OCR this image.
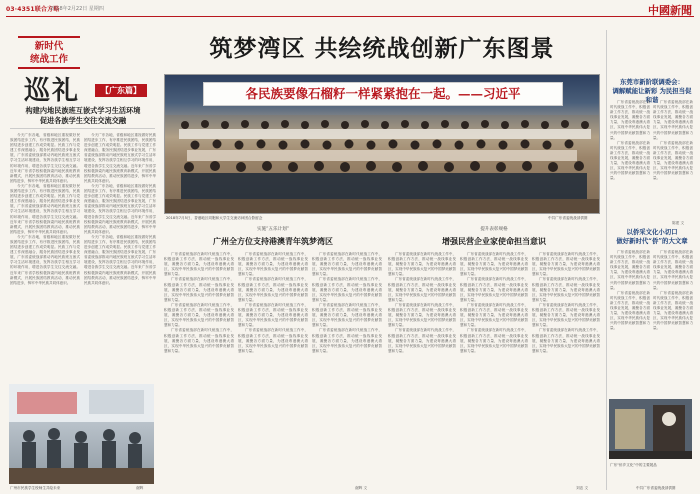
03·4351联合方略
2018年2月22日 星期四	中國新聞
新时代
统战工作
巡礼	【广东篇】
构建内地民族班互嵌式学习生活环境
促进各族学生交往交流交融

今天广东各地，省级和地区重视做好民族团结进步工作，有序推进民族团结，民族团结进步创建工作成效明显。民族工作与党建工作深度融合，服务民族团结进步事业发展，广东省委统战部推动内地民族班互嵌式学习生活环境建设，发挥各族学生相互学习的环境作用，增进各族学生交往交流交融。近年来广东省学校积极探索内地民族班教育新模式，开展民族团结教育活动，推动民族团结进步，铸牢中华民族共同体意识。

今天广东各地，省级和地区重视做好民族团结进步工作，有序推进民族团结，民族团结进步创建工作成效明显。民族工作与党建工作深度融合，服务民族团结进步事业发展，广东省委统战部推动内地民族班互嵌式学习生活环境建设，发挥各族学生相互学习的环境作用，增进各族学生交往交流交融。近年来广东省学校积极探索内地民族班教育新模式，开展民族团结教育活动，推动民族团结进步，铸牢中华民族共同体意识。

今天广东各地，省级和地区重视做好民族团结进步工作，有序推进民族团结，民族团结进步创建工作成效明显。民族工作与党建工作深度融合，服务民族团结进步事业发展，广东省委统战部推动内地民族班互嵌式学习生活环境建设，发挥各族学生相互学习的环境作用，增进各族学生交往交流交融。近年来广东省学校积极探索内地民族班教育新模式，开展民族团结教育活动，推动民族团结进步，铸牢中华民族共同体意识。

今天广东各地，省级和地区重视做好民族团结进步工作，有序推进民族团结，民族团结进步创建工作成效明显。民族工作与党建工作深度融合，服务民族团结进步事业发展，广东省委统战部推动内地民族班互嵌式学习生活环境建设，发挥各族学生相互学习的环境作用，增进各族学生交往交流交融。近年来广东省学校积极探索内地民族班教育新模式，开展民族团结教育活动，推动民族团结进步，铸牢中华民族共同体意识。

今天广东各地，省级和地区重视做好民族团结进步工作，有序推进民族团结，民族团结进步创建工作成效明显。民族工作与党建工作深度融合，服务民族团结进步事业发展，广东省委统战部推动内地民族班互嵌式学习生活环境建设，发挥各族学生相互学习的环境作用，增进各族学生交往交流交融。近年来广东省学校积极探索内地民族班教育新模式，开展民族团结教育活动，推动民族团结进步，铸牢中华民族共同体意识。

今天广东各地，省级和地区重视做好民族团结进步工作，有序推进民族团结，民族团结进步创建工作成效明显。民族工作与党建工作深度融合，服务民族团结进步事业发展，广东省委统战部推动内地民族班互嵌式学习生活环境建设，发挥各族学生相互学习的环境作用，增进各族学生交往交流交融。近年来广东省学校积极探索内地民族班教育新模式，开展民族团结教育活动，推动民族团结进步，铸牢中华民族共同体意识。

广州市民族学生校师生共绘未来	谢辉
筑梦湾区 共绘统战创新广东图景
各民族要像石榴籽一样紧紧抱在一起。——习近平
2018年7月5日，香港地区同胞和大学生交流访问团合影留念	中共广东省委统战部供图
实施“五乐计划”
广州全方位支持港澳青年筑梦湾区

广东省委统战部在新时代统战工作中，积极创新工作方法，推动统一战线事业发展，凝聚各方面力量，为建设粤港澳大湾区，实现中华民族伟大复兴的中国梦贡献智慧和力量。

广东省委统战部在新时代统战工作中，积极创新工作方法，推动统一战线事业发展，凝聚各方面力量，为建设粤港澳大湾区，实现中华民族伟大复兴的中国梦贡献智慧和力量。

广东省委统战部在新时代统战工作中，积极创新工作方法，推动统一战线事业发展，凝聚各方面力量，为建设粤港澳大湾区，实现中华民族伟大复兴的中国梦贡献智慧和力量。

广东省委统战部在新时代统战工作中，积极创新工作方法，推动统一战线事业发展，凝聚各方面力量，为建设粤港澳大湾区，实现中华民族伟大复兴的中国梦贡献智慧和力量。

广东省委统战部在新时代统战工作中，积极创新工作方法，推动统一战线事业发展，凝聚各方面力量，为建设粤港澳大湾区，实现中华民族伟大复兴的中国梦贡献智慧和力量。

广东省委统战部在新时代统战工作中，积极创新工作方法，推动统一战线事业发展，凝聚各方面力量，为建设粤港澳大湾区，实现中华民族伟大复兴的中国梦贡献智慧和力量。

广东省委统战部在新时代统战工作中，积极创新工作方法，推动统一战线事业发展，凝聚各方面力量，为建设粤港澳大湾区，实现中华民族伟大复兴的中国梦贡献智慧和力量。

广东省委统战部在新时代统战工作中，积极创新工作方法，推动统一战线事业发展，凝聚各方面力量，为建设粤港澳大湾区，实现中华民族伟大复兴的中国梦贡献智慧和力量。

广东省委统战部在新时代统战工作中，积极创新工作方法，推动统一战线事业发展，凝聚各方面力量，为建设粤港澳大湾区，实现中华民族伟大复兴的中国梦贡献智慧和力量。

广东省委统战部在新时代统战工作中，积极创新工作方法，推动统一战线事业发展，凝聚各方面力量，为建设粤港澳大湾区，实现中华民族伟大复兴的中国梦贡献智慧和力量。

广东省委统战部在新时代统战工作中，积极创新工作方法，推动统一战线事业发展，凝聚各方面力量，为建设粤港澳大湾区，实现中华民族伟大复兴的中国梦贡献智慧和力量。

广东省委统战部在新时代统战工作中，积极创新工作方法，推动统一战线事业发展，凝聚各方面力量，为建设粤港澳大湾区，实现中华民族伟大复兴的中国梦贡献智慧和力量。

谢辉 文
提升表彰规格
增强民营企业家使命担当意识

广东省委统战部在新时代统战工作中，积极创新工作方法，推动统一战线事业发展，凝聚各方面力量，为建设粤港澳大湾区，实现中华民族伟大复兴的中国梦贡献智慧和力量。

广东省委统战部在新时代统战工作中，积极创新工作方法，推动统一战线事业发展，凝聚各方面力量，为建设粤港澳大湾区，实现中华民族伟大复兴的中国梦贡献智慧和力量。

广东省委统战部在新时代统战工作中，积极创新工作方法，推动统一战线事业发展，凝聚各方面力量，为建设粤港澳大湾区，实现中华民族伟大复兴的中国梦贡献智慧和力量。

广东省委统战部在新时代统战工作中，积极创新工作方法，推动统一战线事业发展，凝聚各方面力量，为建设粤港澳大湾区，实现中华民族伟大复兴的中国梦贡献智慧和力量。

广东省委统战部在新时代统战工作中，积极创新工作方法，推动统一战线事业发展，凝聚各方面力量，为建设粤港澳大湾区，实现中华民族伟大复兴的中国梦贡献智慧和力量。

广东省委统战部在新时代统战工作中，积极创新工作方法，推动统一战线事业发展，凝聚各方面力量，为建设粤港澳大湾区，实现中华民族伟大复兴的中国梦贡献智慧和力量。

广东省委统战部在新时代统战工作中，积极创新工作方法，推动统一战线事业发展，凝聚各方面力量，为建设粤港澳大湾区，实现中华民族伟大复兴的中国梦贡献智慧和力量。

广东省委统战部在新时代统战工作中，积极创新工作方法，推动统一战线事业发展，凝聚各方面力量，为建设粤港澳大湾区，实现中华民族伟大复兴的中国梦贡献智慧和力量。

广东省委统战部在新时代统战工作中，积极创新工作方法，推动统一战线事业发展，凝聚各方面力量，为建设粤港澳大湾区，实现中华民族伟大复兴的中国梦贡献智慧和力量。

广东省委统战部在新时代统战工作中，积极创新工作方法，推动统一战线事业发展，凝聚各方面力量，为建设粤港澳大湾区，实现中华民族伟大复兴的中国梦贡献智慧和力量。

广东省委统战部在新时代统战工作中，积极创新工作方法，推动统一战线事业发展，凝聚各方面力量，为建设粤港澳大湾区，实现中华民族伟大复兴的中国梦贡献智慧和力量。

广东省委统战部在新时代统战工作中，积极创新工作方法，推动统一战线事业发展，凝聚各方面力量，为建设粤港澳大湾区，实现中华民族伟大复兴的中国梦贡献智慧和力量。

刘忠 文
东莞市新阶联调委会：
调解赋能让新彩 为民担当促和谐

广东省委统战部在新时代统战工作中，积极创新工作方法，推动统一战线事业发展，凝聚各方面力量，为建设粤港澳大湾区，实现中华民族伟大复兴的中国梦贡献智慧和力量。

广东省委统战部在新时代统战工作中，积极创新工作方法，推动统一战线事业发展，凝聚各方面力量，为建设粤港澳大湾区，实现中华民族伟大复兴的中国梦贡献智慧和力量。

广东省委统战部在新时代统战工作中，积极创新工作方法，推动统一战线事业发展，凝聚各方面力量，为建设粤港澳大湾区，实现中华民族伟大复兴的中国梦贡献智慧和力量。

广东省委统战部在新时代统战工作中，积极创新工作方法，推动统一战线事业发展，凝聚各方面力量，为建设粤港澳大湾区，实现中华民族伟大复兴的中国梦贡献智慧和力量。

陈建 文
以侨采文化小切口
做好新时代“侨”的大文章

广东省委统战部在新时代统战工作中，积极创新工作方法，推动统一战线事业发展，凝聚各方面力量，为建设粤港澳大湾区，实现中华民族伟大复兴的中国梦贡献智慧和力量。

广东省委统战部在新时代统战工作中，积极创新工作方法，推动统一战线事业发展，凝聚各方面力量，为建设粤港澳大湾区，实现中华民族伟大复兴的中国梦贡献智慧和力量。

广东省委统战部在新时代统战工作中，积极创新工作方法，推动统一战线事业发展，凝聚各方面力量，为建设粤港澳大湾区，实现中华民族伟大复兴的中国梦贡献智慧和力量。

广东省委统战部在新时代统战工作中，积极创新工作方法，推动统一战线事业发展，凝聚各方面力量，为建设粤港澳大湾区，实现中华民族伟大复兴的中国梦贡献智慧和力量。

广东“侨乡文化”中的主要展品
中共广东省委统战部供图
